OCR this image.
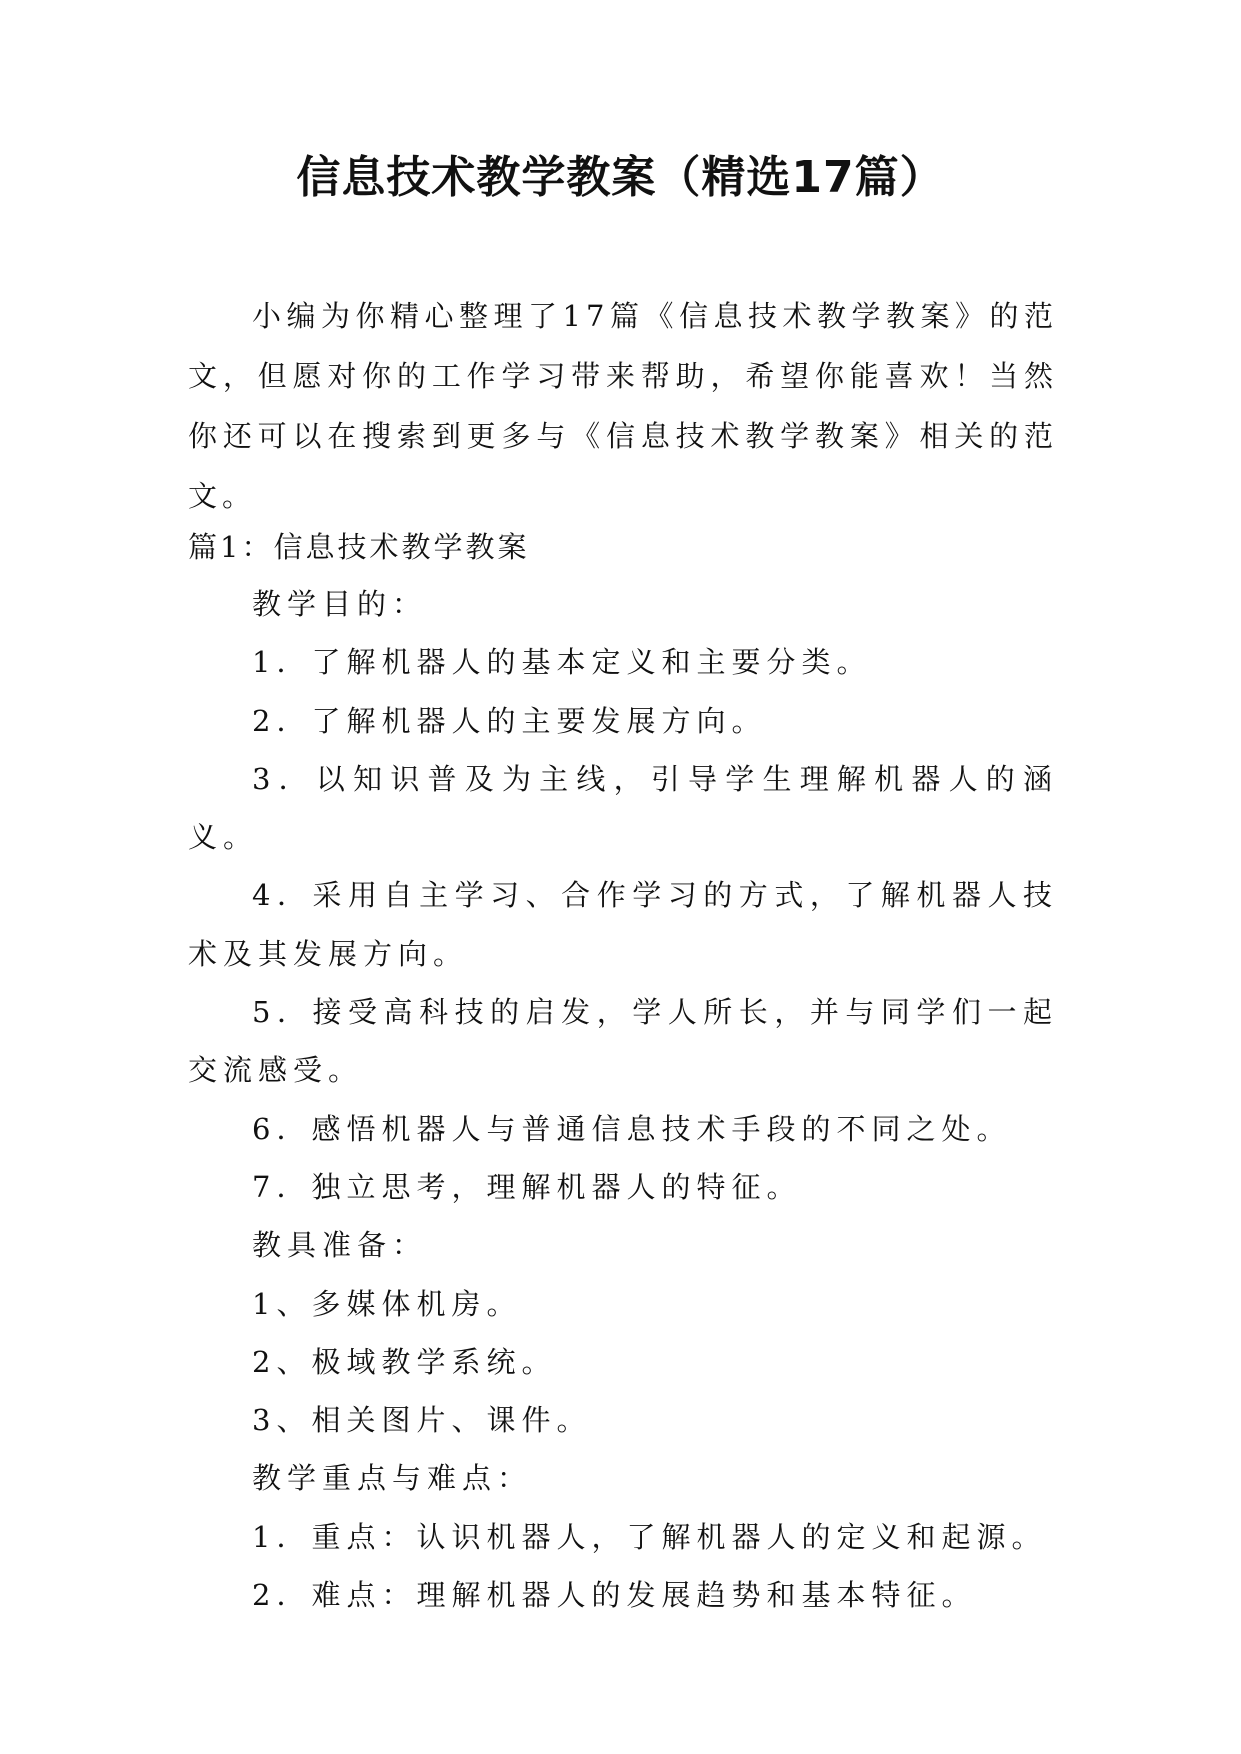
信息技术教学教案（精选17篇）

小编为你精心整理了17篇《信息技术教学教案》的范文，但愿对你的工作学习带来帮助，希望你能喜欢！当然你还可以在搜索到更多与《信息技术教学教案》相关的范文。

篇1：信息技术教学教案

教学目的：

1．了解机器人的基本定义和主要分类。

2．了解机器人的主要发展方向。

3．以知识普及为主线，引导学生理解机器人的涵义。

4．采用自主学习、合作学习的方式，了解机器人技术及其发展方向。

5．接受高科技的启发，学人所长，并与同学们一起交流感受。

6．感悟机器人与普通信息技术手段的不同之处。

7．独立思考，理解机器人的特征。

教具准备：

1、多媒体机房。

2、极域教学系统。

3、相关图片、课件。

教学重点与难点：

1．重点：认识机器人，了解机器人的定义和起源。

2．难点：理解机器人的发展趋势和基本特征。
